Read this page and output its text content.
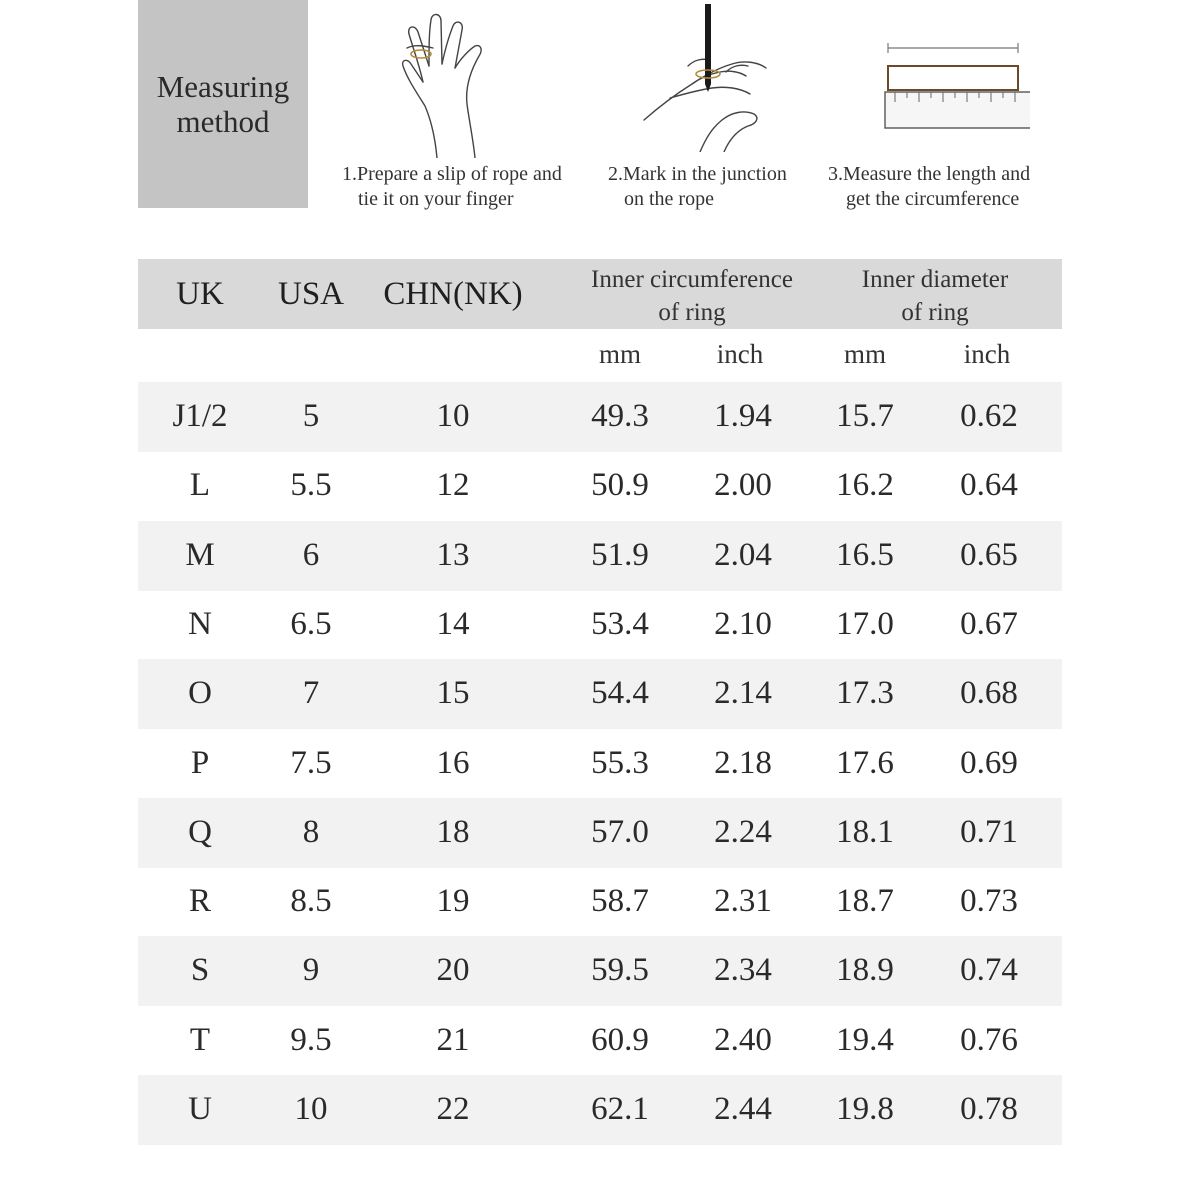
Measuring
method
1.Prepare a slip of rope and
tie it on your finger
2.Mark in the junction
on the rope
3.Measure the length and
get the circumference
UK USA CHN(NK)	Inner circumference
of ring
Inner diameter
of ring
mm	inch	mm	inch
J1/2 5	10	49.3 1.94 15.7 0.62
L 5.5	12	50.9 2.00 16.2 0.64
M	6	13	51.9 2.04 16.5 0.65
N 6.5	14	53.4 2.10 17.0 0.67
O	7	15	54.4 2.14 17.3 0.68
P 7.5	16	55.3 2.18 17.6 0.69
Q	8	18	57.0 2.24 18.1 0.71
R 8.5	19	58.7 2.31 18.7 0.73
S	9	20	59.5 2.34 18.9 0.74
T 9.5	21	60.9 2.40 19.4 0.76
U	10	22	62.1 2.44 19.8 0.78
